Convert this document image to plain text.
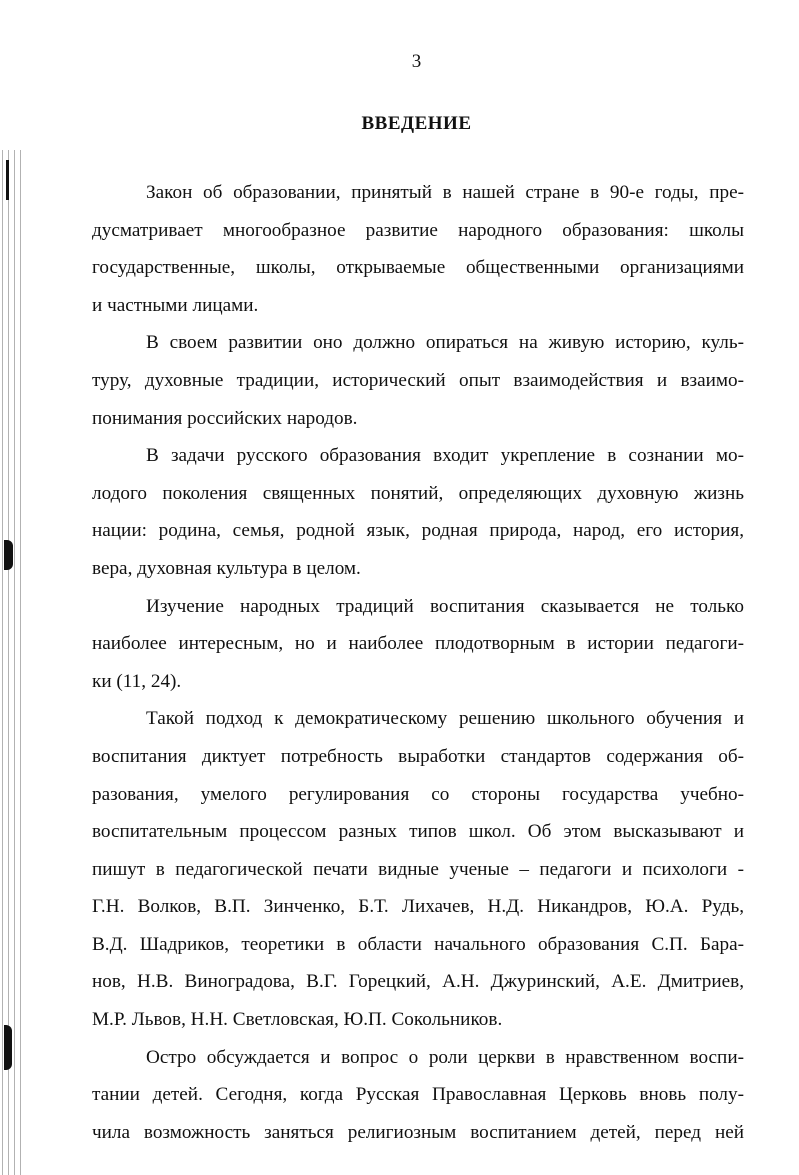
3
ВВЕДЕНИЕ
Закон об образовании, принятый в нашей стране в 90-е годы, пре-
дусматривает многообразное развитие народного образования: школы
государственные, школы, открываемые общественными организациями
и частными лицами.
В своем развитии оно должно опираться на живую историю, куль-
туру, духовные традиции, исторический опыт взаимодействия и взаимо-
понимания российских народов.
В задачи русского образования входит укрепление в сознании мо-
лодого поколения священных понятий, определяющих духовную жизнь
нации: родина, семья, родной язык, родная природа, народ, его история,
вера, духовная культура в целом.
Изучение народных традиций воспитания сказывается не только
наиболее интересным, но и наиболее плодотворным в истории педагоги-
ки (11, 24).
Такой подход к демократическому решению школьного обучения и
воспитания диктует потребность выработки стандартов содержания об-
разования, умелого регулирования со стороны государства учебно-
воспитательным процессом разных типов школ. Об этом высказывают и
пишут в педагогической печати видные ученые – педагоги и психологи -
Г.Н. Волков, В.П. Зинченко, Б.Т. Лихачев, Н.Д. Никандров, Ю.А. Рудь,
В.Д. Шадриков, теоретики в области начального образования С.П. Бара-
нов, Н.В. Виноградова, В.Г. Горецкий, А.Н. Джуринский, А.Е. Дмитриев,
М.Р. Львов, Н.Н. Светловская, Ю.П. Сокольников.
Остро обсуждается и вопрос о роли церкви в нравственном воспи-
тании детей. Сегодня, когда Русская Православная Церковь вновь полу-
чила возможность заняться религиозным воспитанием детей, перед ней
